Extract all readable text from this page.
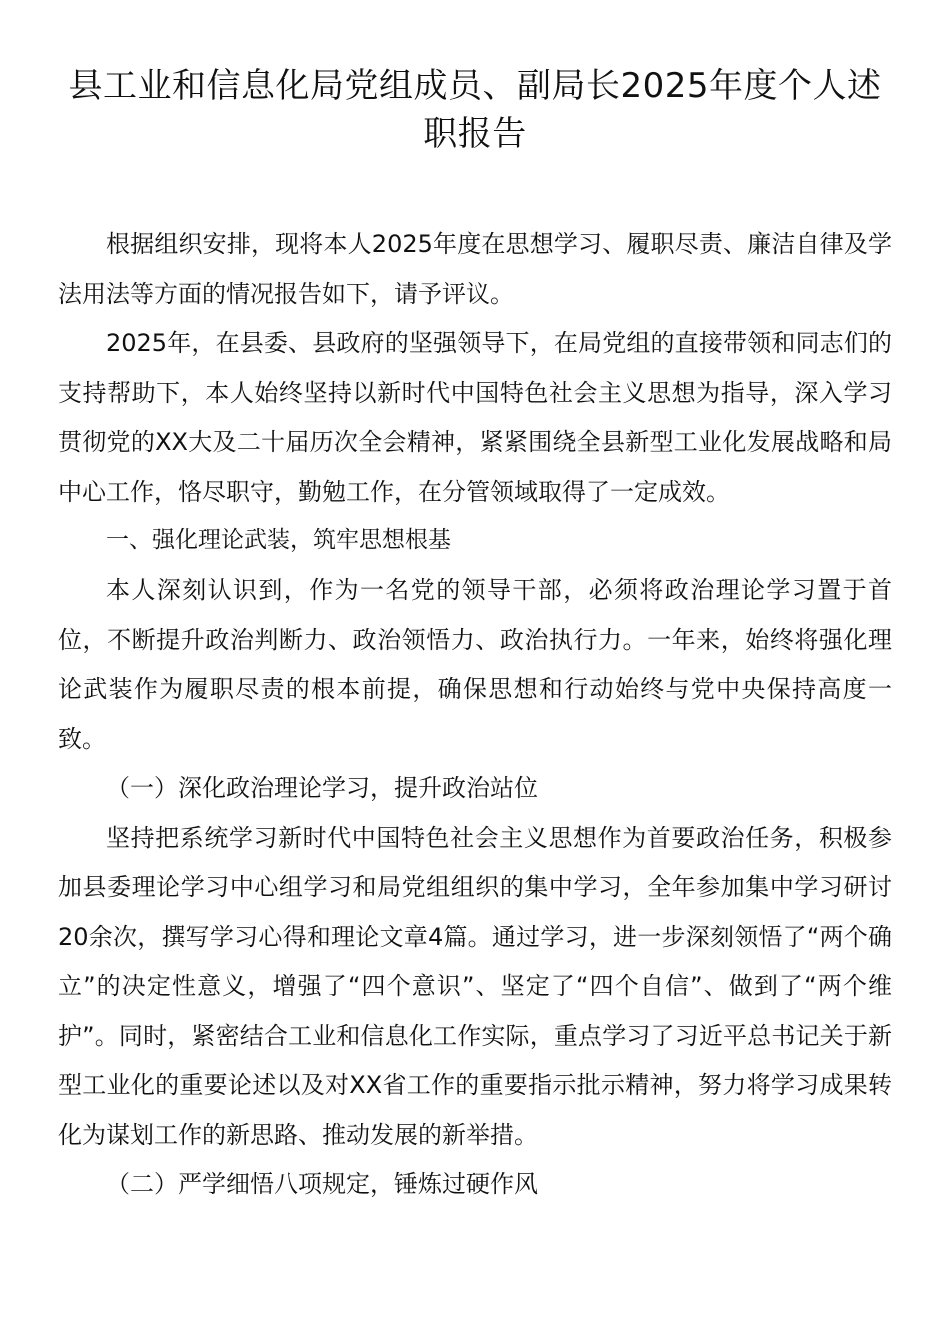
县工业和信息化局党组成员、副局长2025年度个人述职报告

根据组织安排，现将本人2025年度在思想学习、履职尽责、廉洁自律及学法用法等方面的情况报告如下，请予评议。

2025年，在县委、县政府的坚强领导下，在局党组的直接带领和同志们的支持帮助下，本人始终坚持以新时代中国特色社会主义思想为指导，深入学习贯彻党的XX大及二十届历次全会精神，紧紧围绕全县新型工业化发展战略和局中心工作，恪尽职守，勤勉工作，在分管领域取得了一定成效。

一、强化理论武装，筑牢思想根基

本人深刻认识到，作为一名党的领导干部，必须将政治理论学习置于首位，不断提升政治判断力、政治领悟力、政治执行力。一年来，始终将强化理论武装作为履职尽责的根本前提，确保思想和行动始终与党中央保持高度一致。

（一）深化政治理论学习，提升政治站位

坚持把系统学习新时代中国特色社会主义思想作为首要政治任务，积极参加县委理论学习中心组学习和局党组组织的集中学习，全年参加集中学习研讨20余次，撰写学习心得和理论文章4篇。通过学习，进一步深刻领悟了“两个确立”的决定性意义，增强了“四个意识”、坚定了“四个自信”、做到了“两个维护”。同时，紧密结合工业和信息化工作实际，重点学习了习近平总书记关于新型工业化的重要论述以及对XX省工作的重要指示批示精神，努力将学习成果转化为谋划工作的新思路、推动发展的新举措。

（二）严学细悟八项规定，锤炼过硬作风
